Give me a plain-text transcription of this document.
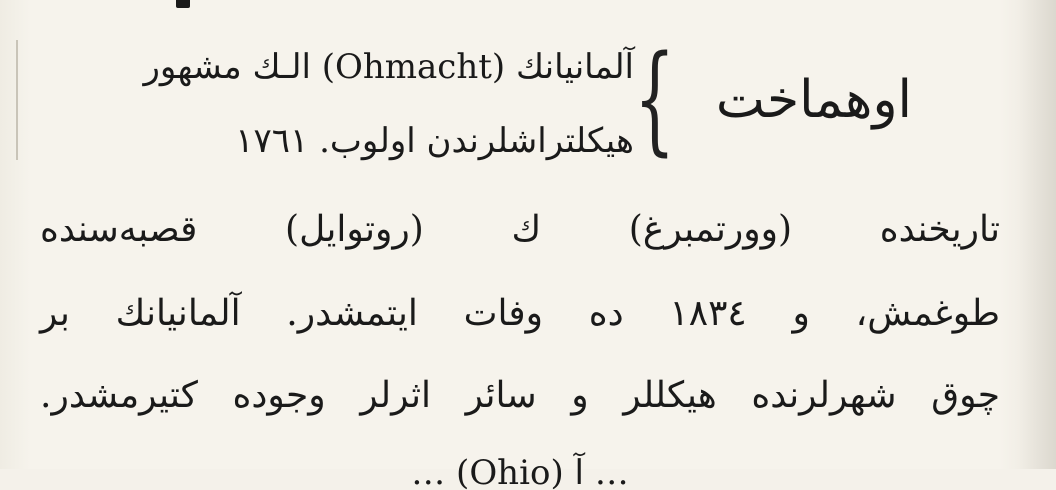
اوهماخت
{
آلمانیانك (Ohmacht) الـك مشهور
هیكلتراشلرندن اولوب. ١٧٦١
تاریخنده (وورتمبرغ) ك (روتوایل) قصبه‌سنده
طوغمش، و ١٨٣٤ ده وفات ایتمشدر. آلمانیانك بر
چوق شهرلرنده هیكللر و سائر اثرلر وجوده كتیرمشدر.
… آ (Ohio) …
